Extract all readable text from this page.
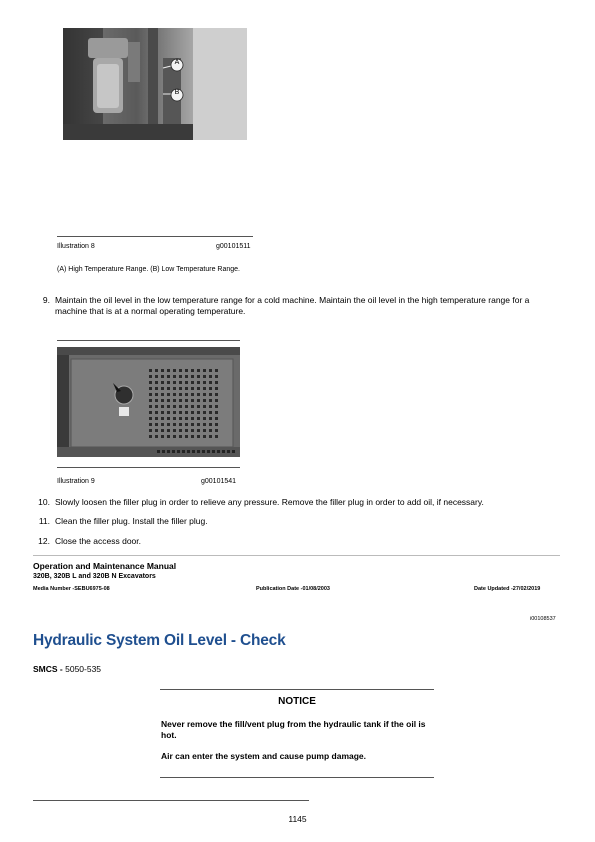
A
B
Illustration 8	g00101511
(A) High Temperature Range. (B) Low Temperature Range.
9. Maintain the oil level in the low temperature range for a cold machine. Maintain the oil level in the high temperature range for a machine that is at a normal operating temperature.
Illustration 9	g00101541
10. Slowly loosen the filler plug in order to relieve any pressure. Remove the filler plug in order to add oil, if necessary.
11. Clean the filler plug. Install the filler plug.
12. Close the access door.
Operation and Maintenance Manual
320B, 320B L and 320B N Excavators
Media Number -SEBU6975-08	Publication Date -01/08/2003	Date Updated -27/02/2019
i00108537
Hydraulic System Oil Level - Check
SMCS - 5050-535
NOTICE
Never remove the fill/vent plug from the hydraulic tank if the oil is hot.
Air can enter the system and cause pump damage.
1145
